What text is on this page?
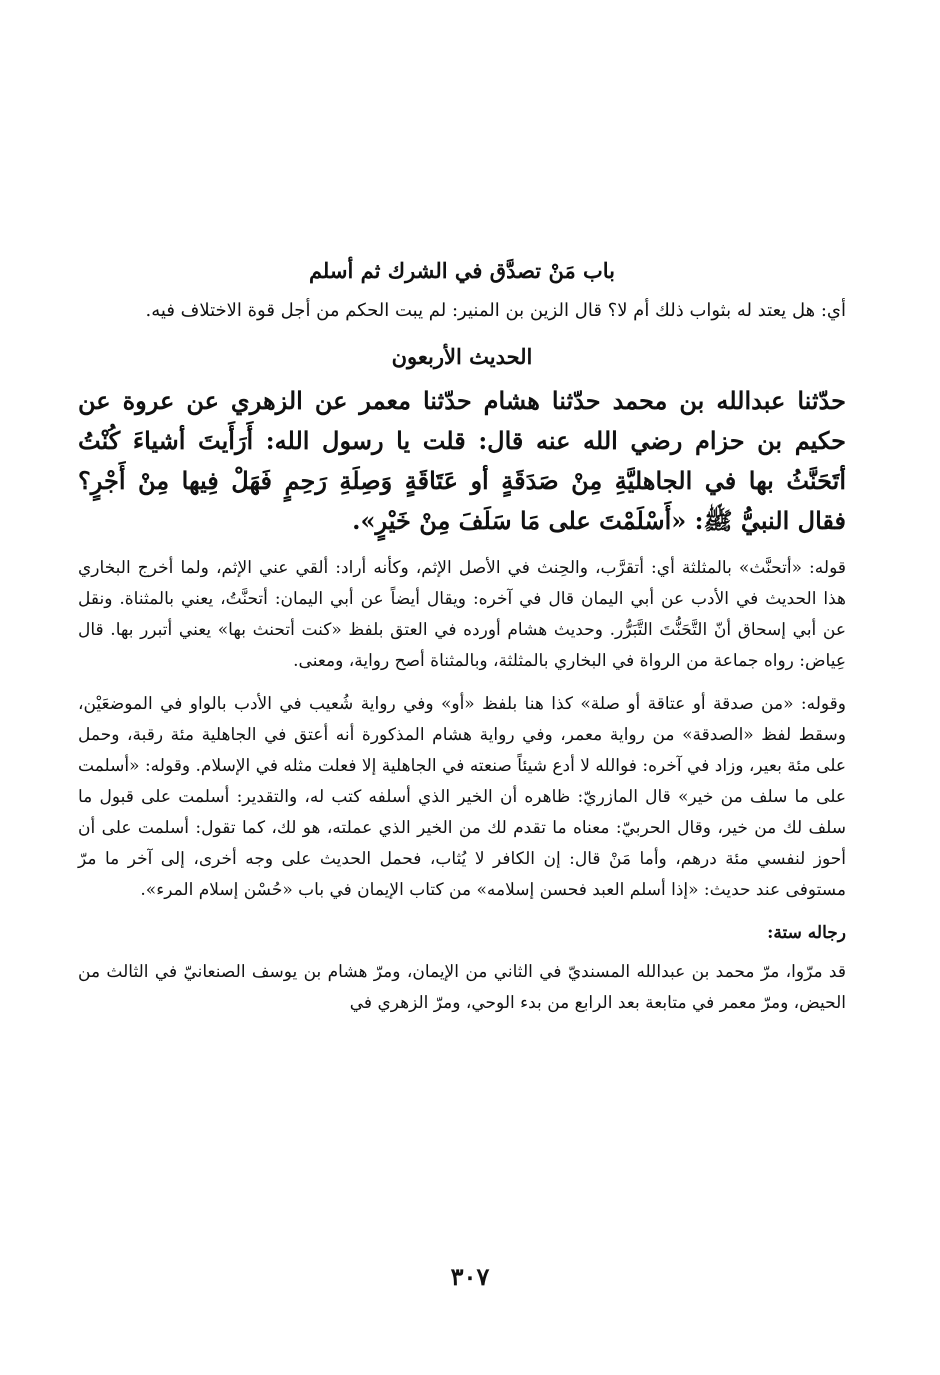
باب مَنْ تصدَّق في الشرك ثم أسلم

أي: هل يعتد له بثواب ذلك أم لا؟ قال الزين بن المنير: لم يبت الحكم من أجل قوة الاختلاف فيه.

الحديث الأربعون

حدّثنا عبدالله بن محمد حدّثنا هشام حدّثنا معمر عن الزهري عن عروة عن حكيم بن حزام رضي الله عنه قال: قلت يا رسول الله: أَرَأَيتَ أشياءَ كُنْتُ أتَحَنَّثُ بها في الجاهليَّةِ مِنْ صَدَقَةٍ أو عَتَاقَةٍ وَصِلَةِ رَحِمٍ فَهَلْ فِيها مِنْ أَجْرٍ؟ فقال النبيُّ ﷺ: «أَسْلَمْتَ على مَا سَلَفَ مِنْ خَيْرٍ».

قوله: «أتحنَّث» بالمثلثة أي: أتقرَّب، والحِنث في الأصل الإثم، وكأنه أراد: ألقي عني الإثم، ولما أخرج البخاري هذا الحديث في الأدب عن أبي اليمان قال في آخره: ويقال أيضاً عن أبي اليمان: أتحنَّتُ، يعني بالمثناة. ونقل عن أبي إسحاق أنّ التَّحَنُّتَ التَّبَرُّر. وحديث هشام أورده في العتق بلفظ «كنت أتحنث بها» يعني أتبرر بها. قال عِياض: رواه جماعة من الرواة في البخاري بالمثلثة، وبالمثناة أصح رواية، ومعنى.

وقوله: «من صدقة أو عتاقة أو صلة» كذا هنا بلفظ «أو» وفي رواية شُعيب في الأدب بالواو في الموضعَيْن، وسقط لفظ «الصدقة» من رواية معمر، وفي رواية هشام المذكورة أنه أعتق في الجاهلية مئة رقبة، وحمل على مئة بعير، وزاد في آخره: فوالله لا أدع شيئاً صنعته في الجاهلية إلا فعلت مثله في الإسلام. وقوله: «أسلمت على ما سلف من خير» قال المازريّ: ظاهره أن الخير الذي أسلفه كتب له، والتقدير: أسلمت على قبول ما سلف لك من خير، وقال الحربيّ: معناه ما تقدم لك من الخير الذي عملته، هو لك، كما تقول: أسلمت على أن أحوز لنفسي مئة درهم، وأما مَنْ قال: إن الكافر لا يُثاب، فحمل الحديث على وجه أخرى، إلى آخر ما مرّ مستوفى عند حديث: «إذا أسلم العبد فحسن إسلامه» من كتاب الإيمان في باب «حُسْن إسلام المرء».

رجاله ستة:

قد مرّوا، مرّ محمد بن عبدالله المسنديّ في الثاني من الإيمان، ومرّ هشام بن يوسف الصنعانيّ في الثالث من الحيض، ومرّ معمر في متابعة بعد الرابع من بدء الوحي، ومرّ الزهري في

٣٠٧
